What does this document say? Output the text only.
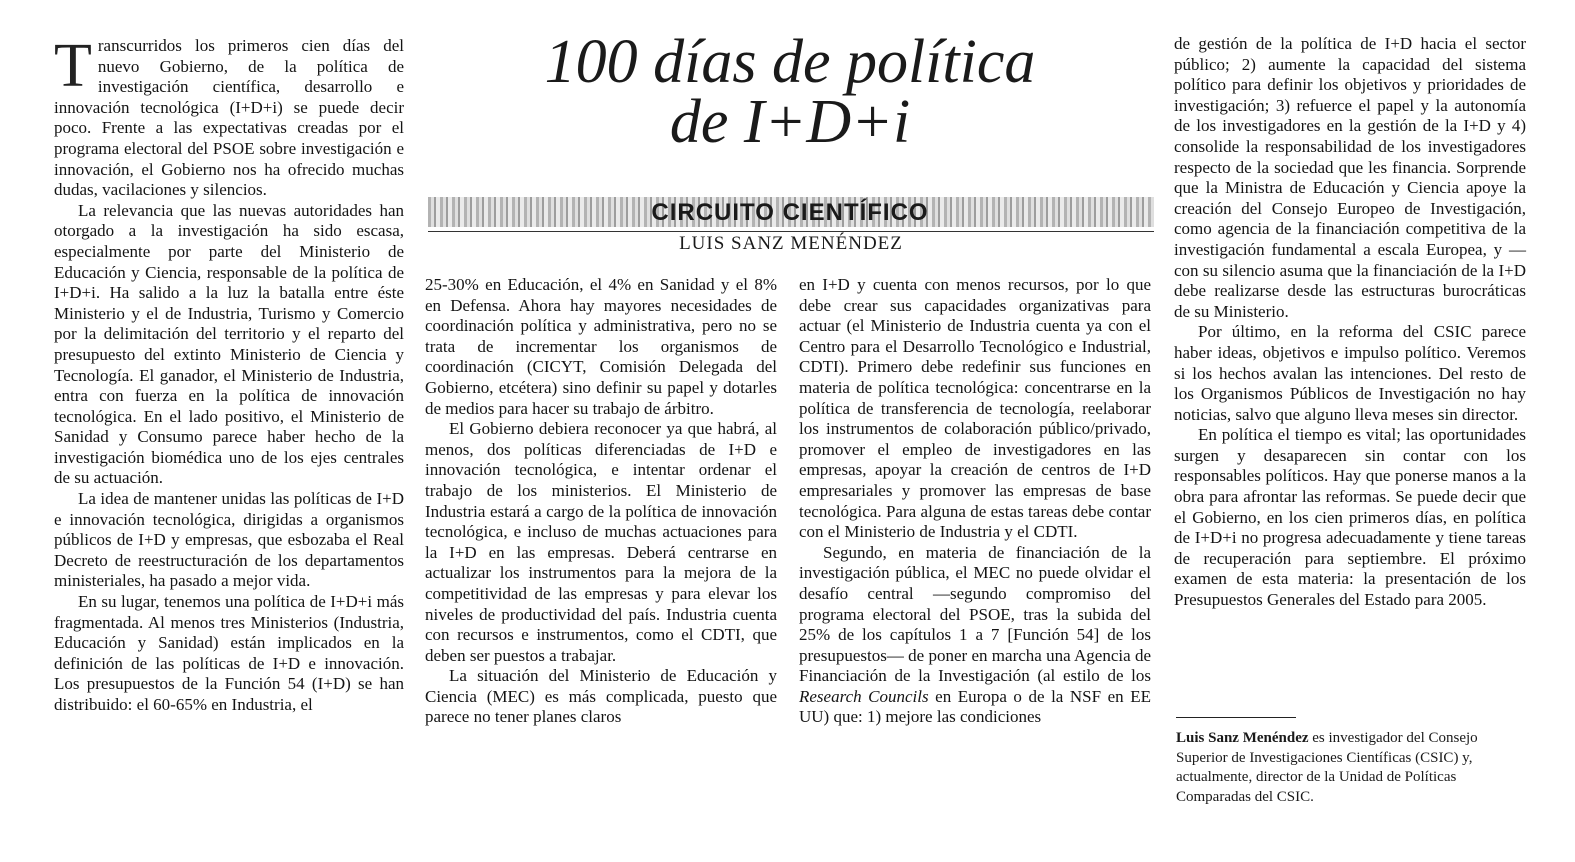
100 días de política
de I+D+i
CIRCUITO CIENTÍFICO
LUIS SANZ MENÉNDEZ

Transcurridos los primeros cien días del nuevo Gobierno, de la política de investigación científica, desarrollo e innovación tecnológica (I+D+i) se puede decir poco. Frente a las expectativas creadas por el programa electoral del PSOE sobre investigación e innovación, el Gobierno nos ha ofrecido muchas dudas, vacilaciones y silencios.

La relevancia que las nuevas autoridades han otorgado a la investigación ha sido escasa, especialmente por parte del Ministerio de Educación y Ciencia, responsable de la política de I+D+i. Ha salido a la luz la batalla entre éste Ministerio y el de Industria, Turismo y Comercio por la delimitación del territorio y el reparto del presupuesto del extinto Ministerio de Ciencia y Tecnología. El ganador, el Ministerio de Industria, entra con fuerza en la política de innovación tecnológica. En el lado positivo, el Ministerio de Sanidad y Consumo parece haber hecho de la investigación biomédica uno de los ejes centrales de su actuación.

La idea de mantener unidas las políticas de I+D e innovación tecnológica, dirigidas a organismos públicos de I+D y empresas, que esbozaba el Real Decreto de reestructuración de los departamentos ministeriales, ha pasado a mejor vida.

En su lugar, tenemos una política de I+D+i más fragmentada. Al menos tres Ministerios (Industria, Educación y Sanidad) están implicados en la definición de las políticas de I+D e innovación. Los presupuestos de la Función 54 (I+D) se han distribuido: el 60-65% en Industria, el

25-30% en Educación, el 4% en Sanidad y el 8% en Defensa. Ahora hay mayores necesidades de coordinación política y administrativa, pero no se trata de incrementar los organismos de coordinación (CICYT, Comisión Delegada del Gobierno, etcétera) sino definir su papel y dotarles de medios para hacer su trabajo de árbitro.

El Gobierno debiera reconocer ya que habrá, al menos, dos políticas diferenciadas de I+D e innovación tecnológica, e intentar ordenar el trabajo de los ministerios. El Ministerio de Industria estará a cargo de la política de innovación tecnológica, e incluso de muchas actuaciones para la I+D en las empresas. Deberá centrarse en actualizar los instrumentos para la mejora de la competitividad de las empresas y para elevar los niveles de productividad del país. Industria cuenta con recursos e instrumentos, como el CDTI, que deben ser puestos a trabajar.

La situación del Ministerio de Educación y Ciencia (MEC) es más complicada, puesto que parece no tener planes claros

en I+D y cuenta con menos recursos, por lo que debe crear sus capacidades organizativas para actuar (el Ministerio de Industria cuenta ya con el Centro para el Desarrollo Tecnológico e Industrial, CDTI). Primero debe redefinir sus funciones en materia de política tecnológica: concentrarse en la política de transferencia de tecnología, reelaborar los instrumentos de colaboración público/privado, promover el empleo de investigadores en las empresas, apoyar la creación de centros de I+D empresariales y promover las empresas de base tecnológica. Para alguna de estas tareas debe contar con el Ministerio de Industria y el CDTI.

Segundo, en materia de financiación de la investigación pública, el MEC no puede olvidar el desafío central —segundo compromiso del programa electoral del PSOE, tras la subida del 25% de los capítulos 1 a 7 [Función 54] de los presupuestos— de poner en marcha una Agencia de Financiación de la Investigación (al estilo de los Research Councils en Europa o de la NSF en EE UU) que: 1) mejore las condiciones

de gestión de la política de I+D hacia el sector público; 2) aumente la capacidad del sistema político para definir los objetivos y prioridades de investigación; 3) refuerce el papel y la autonomía de los investigadores en la gestión de la I+D y 4) consolide la responsabilidad de los investigadores respecto de la sociedad que les financia. Sorprende que la Ministra de Educación y Ciencia apoye la creación del Consejo Europeo de Investigación, como agencia de la financiación competitiva de la investigación fundamental a escala Europea, y —con su silencio asuma que la financiación de la I+D debe realizarse desde las estructuras burocráticas de su Ministerio.

Por último, en la reforma del CSIC parece haber ideas, objetivos e impulso político. Veremos si los hechos avalan las intenciones. Del resto de los Organismos Públicos de Investigación no hay noticias, salvo que alguno lleva meses sin director.

En política el tiempo es vital; las oportunidades surgen y desaparecen sin contar con los responsables políticos. Hay que ponerse manos a la obra para afrontar las reformas. Se puede decir que el Gobierno, en los cien primeros días, en política de I+D+i no progresa adecuadamente y tiene tareas de recuperación para septiembre. El próximo examen de esta materia: la presentación de los Presupuestos Generales del Estado para 2005.

Luis Sanz Menéndez es investigador del Consejo Superior de Investigaciones Científicas (CSIC) y, actualmente, director de la Unidad de Políticas Comparadas del CSIC.
